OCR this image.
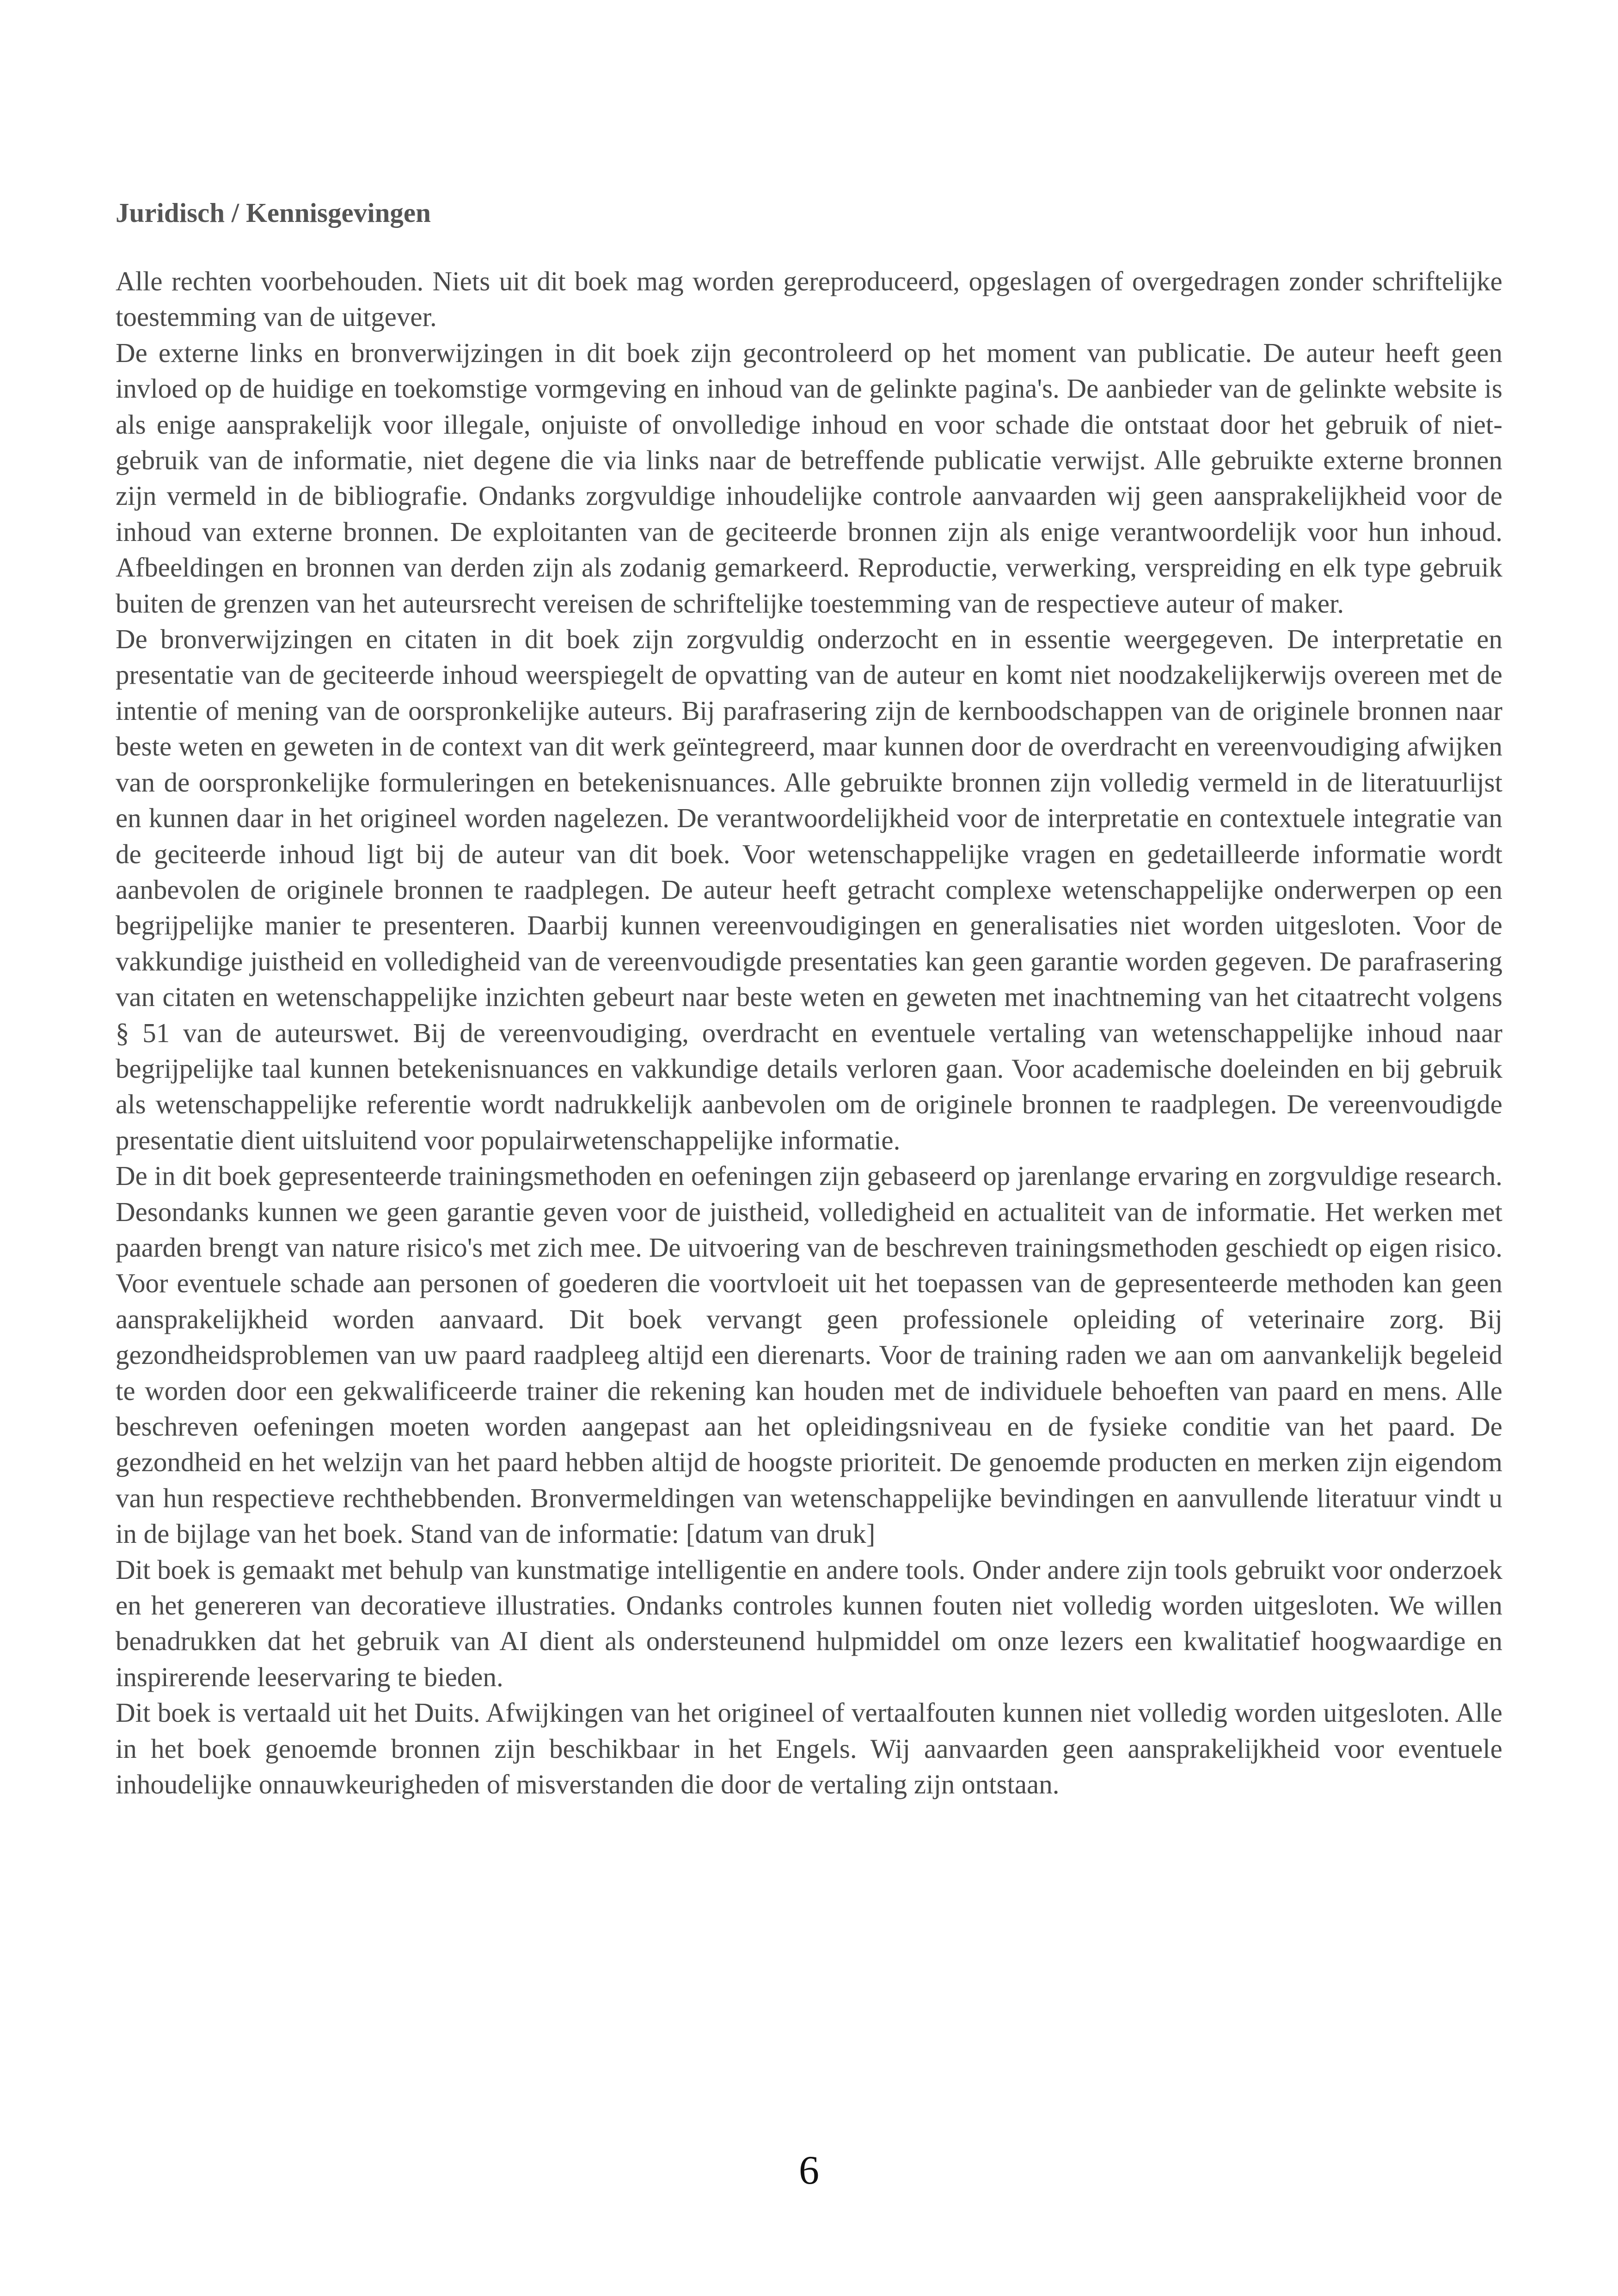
Juridisch / Kennisgevingen

Alle rechten voorbehouden. Niets uit dit boek mag worden gereproduceerd, opgeslagen of overgedragen zonder schriftelijke toestemming van de uitgever.

De externe links en bronverwijzingen in dit boek zijn gecontroleerd op het moment van publicatie. De auteur heeft geen invloed op de huidige en toekomstige vormgeving en inhoud van de gelinkte pagina's. De aanbieder van de gelinkte website is als enige aansprakelijk voor illegale, onjuiste of onvolledige inhoud en voor schade die ontstaat door het gebruik of niet-gebruik van de informatie, niet degene die via links naar de betreffende publicatie verwijst. Alle gebruikte externe bronnen zijn vermeld in de bibliografie. Ondanks zorgvuldige inhoudelijke controle aanvaarden wij geen aansprakelijkheid voor de inhoud van externe bronnen. De exploitanten van de geciteerde bronnen zijn als enige verantwoordelijk voor hun inhoud. Afbeeldingen en bronnen van derden zijn als zodanig gemarkeerd. Reproductie, verwerking, verspreiding en elk type gebruik buiten de grenzen van het auteursrecht vereisen de schriftelijke toestemming van de respectieve auteur of maker.

De bronverwijzingen en citaten in dit boek zijn zorgvuldig onderzocht en in essentie weergegeven. De interpretatie en presentatie van de geciteerde inhoud weerspiegelt de opvatting van de auteur en komt niet noodzakelijkerwijs overeen met de intentie of mening van de oorspronkelijke auteurs. Bij parafrasering zijn de kernboodschappen van de originele bronnen naar beste weten en geweten in de context van dit werk geïntegreerd, maar kunnen door de overdracht en vereenvoudiging afwijken van de oorspronkelijke formuleringen en betekenisnuances. Alle gebruikte bronnen zijn volledig vermeld in de literatuurlijst en kunnen daar in het origineel worden nagelezen. De verantwoordelijkheid voor de interpretatie en contextuele integratie van de geciteerde inhoud ligt bij de auteur van dit boek. Voor wetenschappelijke vragen en gedetailleerde informatie wordt aanbevolen de originele bronnen te raadplegen. De auteur heeft getracht complexe wetenschappelijke onderwerpen op een begrijpelijke manier te presenteren. Daarbij kunnen vereenvoudigingen en generalisaties niet worden uitgesloten. Voor de vakkundige juistheid en volledigheid van de vereenvoudigde presentaties kan geen garantie worden gegeven. De parafrasering van citaten en wetenschappelijke inzichten gebeurt naar beste weten en geweten met inachtneming van het citaatrecht volgens § 51 van de auteurswet. Bij de vereenvoudiging, overdracht en eventuele vertaling van wetenschappelijke inhoud naar begrijpelijke taal kunnen betekenisnuances en vakkundige details verloren gaan. Voor academische doeleinden en bij gebruik als wetenschappelijke referentie wordt nadrukkelijk aanbevolen om de originele bronnen te raadplegen. De vereenvoudigde presentatie dient uitsluitend voor populairwetenschappelijke informatie.

De in dit boek gepresenteerde trainingsmethoden en oefeningen zijn gebaseerd op jarenlange ervaring en zorgvuldige research. Desondanks kunnen we geen garantie geven voor de juistheid, volledigheid en actualiteit van de informatie. Het werken met paarden brengt van nature risico's met zich mee. De uitvoering van de beschreven trainingsmethoden geschiedt op eigen risico. Voor eventuele schade aan personen of goederen die voortvloeit uit het toepassen van de gepresenteerde methoden kan geen aansprakelijkheid worden aanvaard. Dit boek vervangt geen professionele opleiding of veterinaire zorg. Bij gezondheidsproblemen van uw paard raadpleeg altijd een dierenarts. Voor de training raden we aan om aanvankelijk begeleid te worden door een gekwalificeerde trainer die rekening kan houden met de individuele behoeften van paard en mens. Alle beschreven oefeningen moeten worden aangepast aan het opleidingsniveau en de fysieke conditie van het paard. De gezondheid en het welzijn van het paard hebben altijd de hoogste prioriteit. De genoemde producten en merken zijn eigendom van hun respectieve rechthebbenden. Bronvermeldingen van wetenschappelijke bevindingen en aanvullende literatuur vindt u in de bijlage van het boek. Stand van de informatie: [datum van druk]

Dit boek is gemaakt met behulp van kunstmatige intelligentie en andere tools. Onder andere zijn tools gebruikt voor onderzoek en het genereren van decoratieve illustraties. Ondanks controles kunnen fouten niet volledig worden uitgesloten. We willen benadrukken dat het gebruik van AI dient als ondersteunend hulpmiddel om onze lezers een kwalitatief hoogwaardige en inspirerende leeservaring te bieden.

Dit boek is vertaald uit het Duits. Afwijkingen van het origineel of vertaalfouten kunnen niet volledig worden uitgesloten. Alle in het boek genoemde bronnen zijn beschikbaar in het Engels. Wij aanvaarden geen aansprakelijkheid voor eventuele inhoudelijke onnauwkeurigheden of misverstanden die door de vertaling zijn ontstaan.

6
